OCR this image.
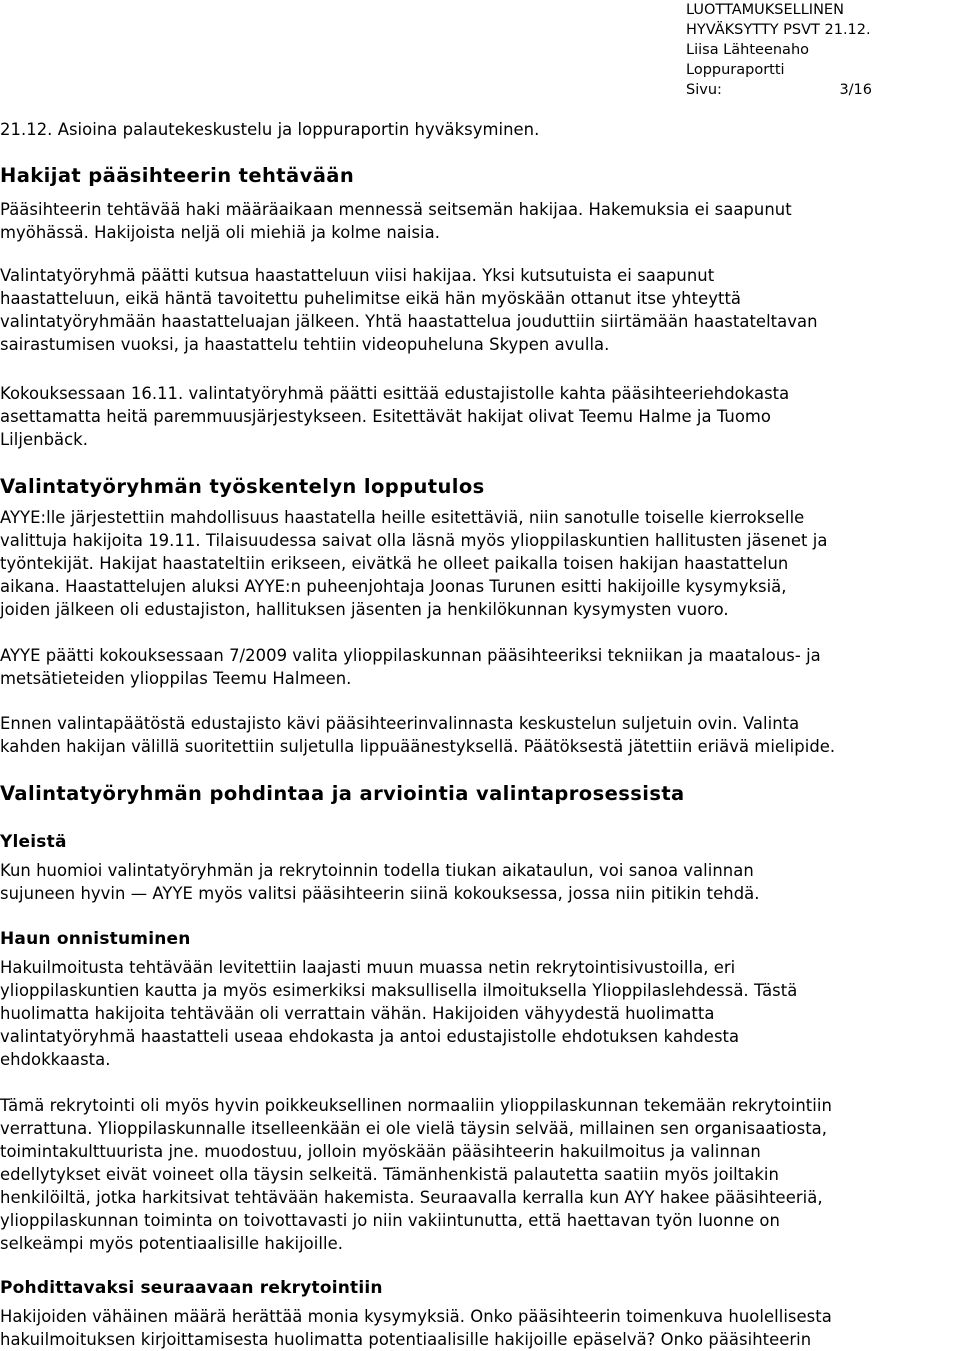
LUOTTAMUKSELLINEN
HYVÄKSYTTY PSVT 21.12.
Liisa Lähteenaho
Loppuraportti
Sivu:	3/16

21.12. Asioina palautekeskustelu ja loppuraportin hyväksyminen.

Hakijat pääsihteerin tehtävään

Pääsihteerin tehtävää haki määräaikaan mennessä seitsemän hakijaa. Hakemuksia ei saapunut
myöhässä. Hakijoista neljä oli miehiä ja kolme naisia.

Valintatyöryhmä päätti kutsua haastatteluun viisi hakijaa. Yksi kutsutuista ei saapunut
haastatteluun, eikä häntä tavoitettu puhelimitse eikä hän myöskään ottanut itse yhteyttä
valintatyöryhmään haastatteluajan jälkeen. Yhtä haastattelua jouduttiin siirtämään haastateltavan
sairastumisen vuoksi, ja haastattelu tehtiin videopuheluna Skypen avulla.

Kokouksessaan 16.11. valintatyöryhmä päätti esittää edustajistolle kahta pääsihteeriehdokasta
asettamatta heitä paremmuusjärjestykseen. Esitettävät hakijat olivat Teemu Halme ja Tuomo
Liljenbäck.

Valintatyöryhmän työskentelyn lopputulos

AYYE:lle järjestettiin mahdollisuus haastatella heille esitettäviä, niin sanotulle toiselle kierrokselle
valittuja hakijoita 19.11. Tilaisuudessa saivat olla läsnä myös ylioppilaskuntien hallitusten jäsenet ja
työntekijät. Hakijat haastateltiin erikseen, eivätkä he olleet paikalla toisen hakijan haastattelun
aikana. Haastattelujen aluksi AYYE:n puheenjohtaja Joonas Turunen esitti hakijoille kysymyksiä,
joiden jälkeen oli edustajiston, hallituksen jäsenten ja henkilökunnan kysymysten vuoro.

AYYE päätti kokouksessaan 7/2009 valita ylioppilaskunnan pääsihteeriksi tekniikan ja maatalous- ja
metsätieteiden ylioppilas Teemu Halmeen.

Ennen valintapäätöstä edustajisto kävi pääsihteerinvalinnasta keskustelun suljetuin ovin. Valinta
kahden hakijan välillä suoritettiin suljetulla lippuäänestyksellä. Päätöksestä jätettiin eriävä mielipide.

Valintatyöryhmän pohdintaa ja arviointia valintaprosessista

Yleistä

Kun huomioi valintatyöryhmän ja rekrytoinnin todella tiukan aikataulun, voi sanoa valinnan
sujuneen hyvin — AYYE myös valitsi pääsihteerin siinä kokouksessa, jossa niin pitikin tehdä.

Haun onnistuminen

Hakuilmoitusta tehtävään levitettiin laajasti muun muassa netin rekrytointisivustoilla, eri
ylioppilaskuntien kautta ja myös esimerkiksi maksullisella ilmoituksella Ylioppilaslehdessä. Tästä
huolimatta hakijoita tehtävään oli verrattain vähän. Hakijoiden vähyydestä huolimatta
valintatyöryhmä haastatteli useaa ehdokasta ja antoi edustajistolle ehdotuksen kahdesta
ehdokkaasta.

Tämä rekrytointi oli myös hyvin poikkeuksellinen normaaliin ylioppilaskunnan tekemään rekrytointiin
verrattuna. Ylioppilaskunnalle itselleenkään ei ole vielä täysin selvää, millainen sen organisaatiosta,
toimintakulttuurista jne. muodostuu, jolloin myöskään pääsihteerin hakuilmoitus ja valinnan
edellytykset eivät voineet olla täysin selkeitä. Tämänhenkistä palautetta saatiin myös joiltakin
henkilöiltä, jotka harkitsivat tehtävään hakemista. Seuraavalla kerralla kun AYY hakee pääsihteeriä,
ylioppilaskunnan toiminta on toivottavasti jo niin vakiintunutta, että haettavan työn luonne on
selkeämpi myös potentiaalisille hakijoille.

Pohdittavaksi seuraavaan rekrytointiin

Hakijoiden vähäinen määrä herättää monia kysymyksiä. Onko pääsihteerin toimenkuva huolellisesta
hakuilmoituksen kirjoittamisesta huolimatta potentiaalisille hakijoille epäselvä? Onko pääsihteerin
